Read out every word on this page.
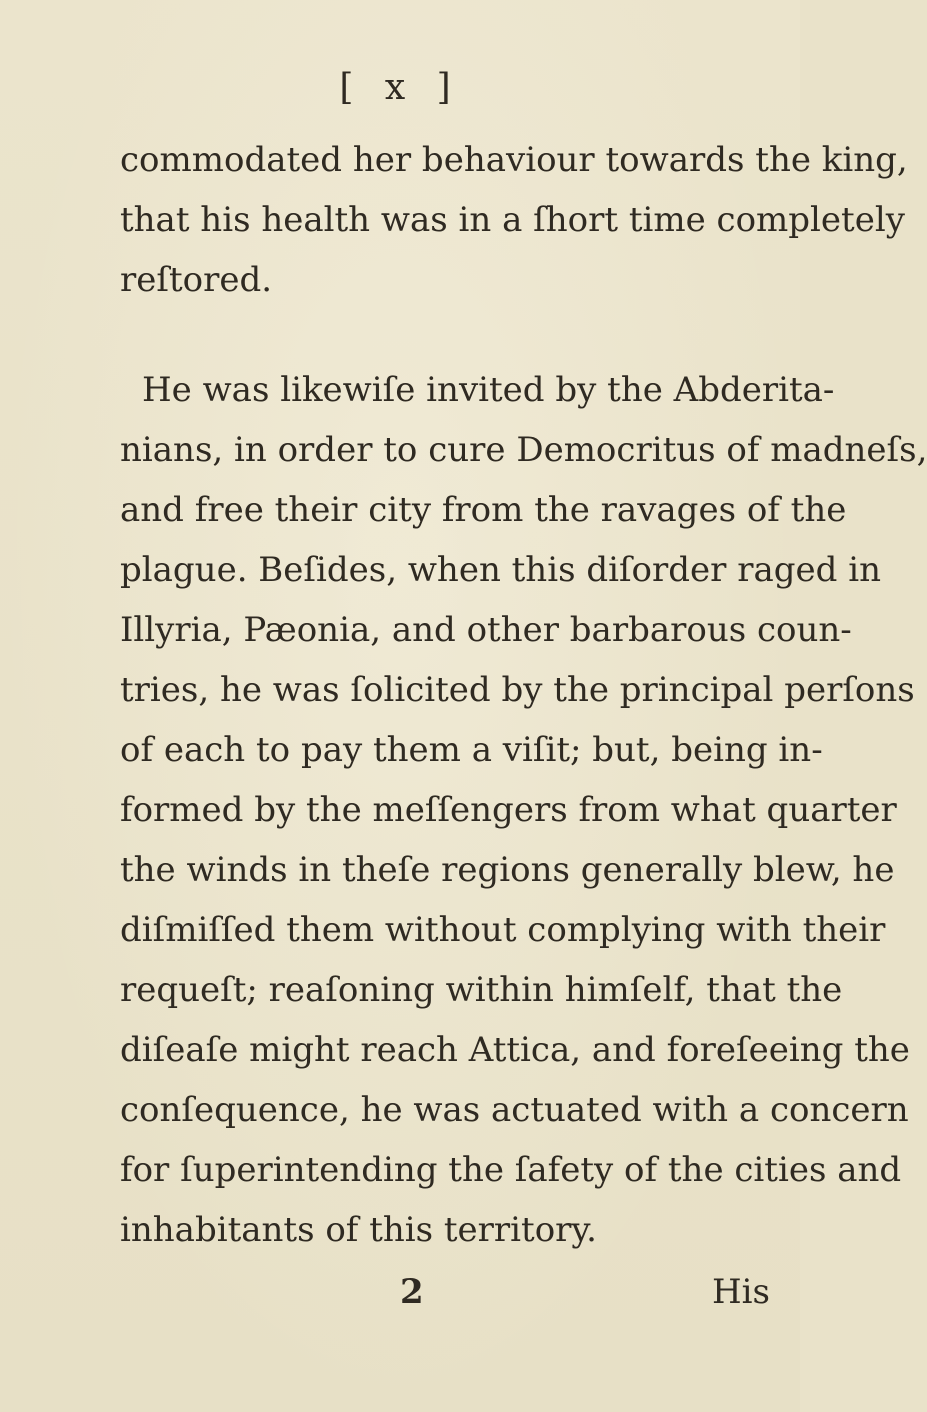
[ x ]
commodated her behaviour towards the king,
that his health was in a ſhort time completely
reſtored.
He was likewiſe invited by the Abderita-
nians, in order to cure Democritus of madneſs,
and free their city from the ravages of the
plague. Beſides, when this diſorder raged in
Illyria, Pæonia, and other barbarous coun-
tries, he was ſolicited by the principal perſons
of each to pay them a viſit; but, being in-
formed by the meſſengers from what quarter
the winds in theſe regions generally blew, he
diſmiſſed them without complying with their
requeſt; reaſoning within himſelf, that the
diſeaſe might reach Attica, and foreſeeing the
conſequence, he was actuated with a concern
for ſuperintending the ſafety of the cities and
inhabitants of this territory.
2	His
